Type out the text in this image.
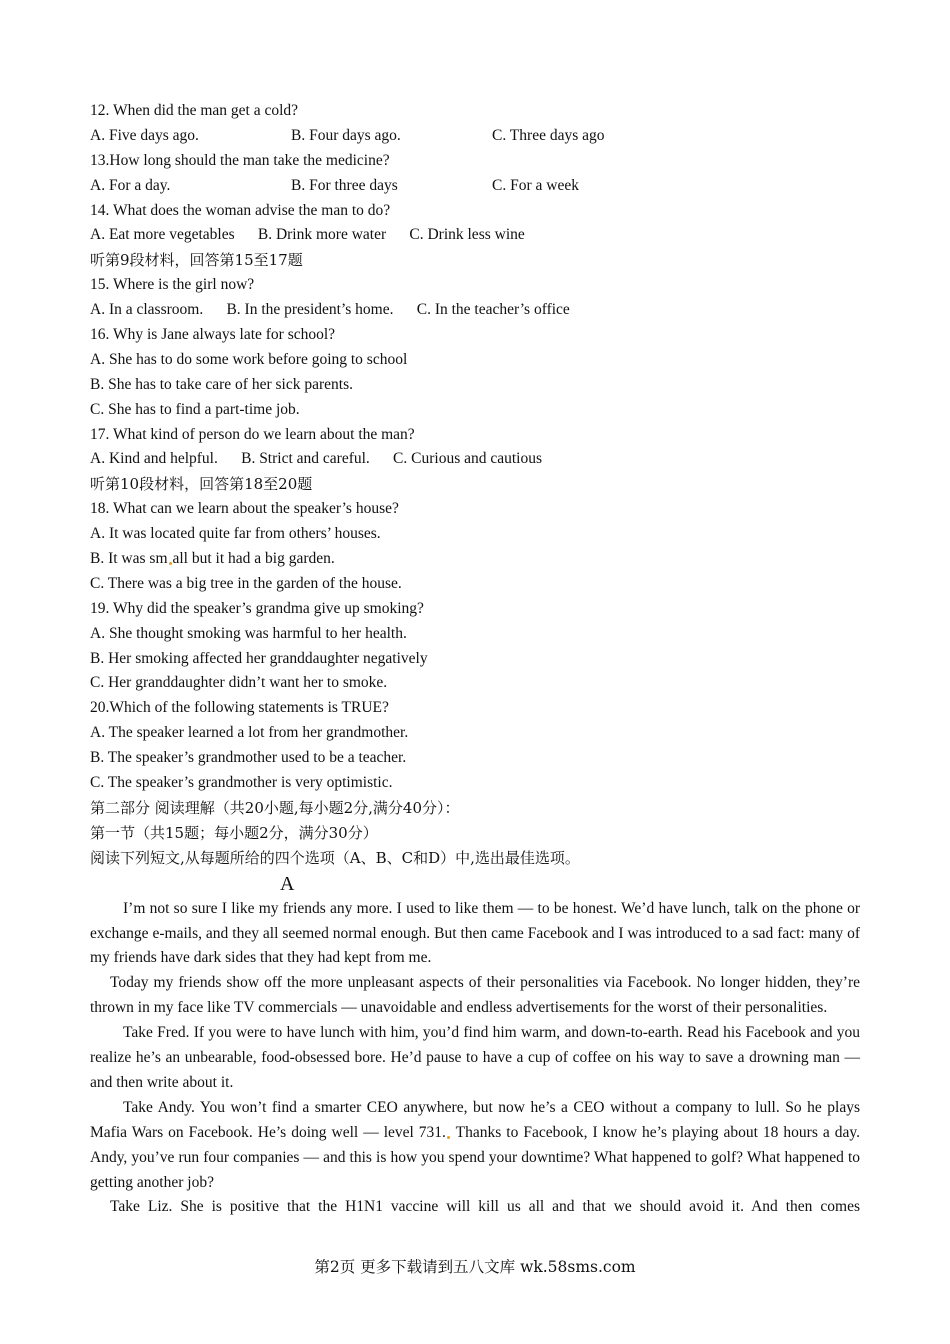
12. When did the man get a cold?
A. Five days ago.	B. Four days ago.	C. Three days ago
13.How long should the man take the medicine?
A. For a day.	B. For three days	C. For a week
14. What does the woman advise the man to do?
A. Eat more vegetables      B. Drink more water      C. Drink less wine
听第9段材料，回答第15至17题
15. Where is the girl now?
A. In a classroom.      B. In the president’s home.      C. In the teacher’s office
16. Why is Jane always late for school?
A. She has to do some work before going to school
B. She has to take care of her sick parents.
C. She has to find a part-time job.
17. What kind of person do we learn about the man?
A. Kind and helpful.      B. Strict and careful.      C. Curious and cautious
听第10段材料，回答第18至20题
18. What can we learn about the speaker’s house?
A. It was located quite far from others’ houses.
B. It was sm all but it had a big garden.
C. There was a big tree in the garden of the house.
19. Why did the speaker’s grandma give up smoking?
A. She thought smoking was harmful to her health.
B. Her smoking affected her granddaughter negatively
C. Her granddaughter didn’t want her to smoke.
20.Which of the following statements is TRUE?
A. The speaker learned a lot from her grandmother.
B. The speaker’s grandmother used to be a teacher.
C. The speaker’s grandmother is very optimistic.
第二部分 阅读理解（共20小题,每小题2分,满分40分）：
第一节（共15题；每小题2分，满分30分）
阅读下列短文,从每题所给的四个选项（A、B、C和D）中,选出最佳选项。
A

I’m not so sure I like my friends any more. I used to like them — to be honest. We’d have lunch, talk on the phone or exchange e-mails, and they all seemed normal enough. But then came Facebook and I was introduced to a sad fact: many of my friends have dark sides that they had kept from me.

Today my friends show off the more unpleasant aspects of their personalities via Facebook. No longer hidden, they’re thrown in my face like TV commercials — unavoidable and endless advertisements for the worst of their personalities.

Take Fred. If you were to have lunch with him, you’d find him warm, and down-to-earth. Read his Facebook and you realize he’s an unbearable, food-obsessed bore. He’d pause to have a cup of coffee on his way to save a drowning man — and then write about it.

Take Andy. You won’t find a smarter CEO anywhere, but now he’s a CEO without a company to lull. So he plays Mafia Wars on Facebook. He’s doing well — level 731. Thanks to Facebook, I know he’s playing about 18 hours a day. Andy, you’ve run four companies — and this is how you spend your downtime? What happened to golf? What happened to getting another job?

Take Liz. She is positive that the H1N1 vaccine will kill us all and that we should avoid it. And then comes

第2页 更多下载请到五八文库 wk.58sms.com
